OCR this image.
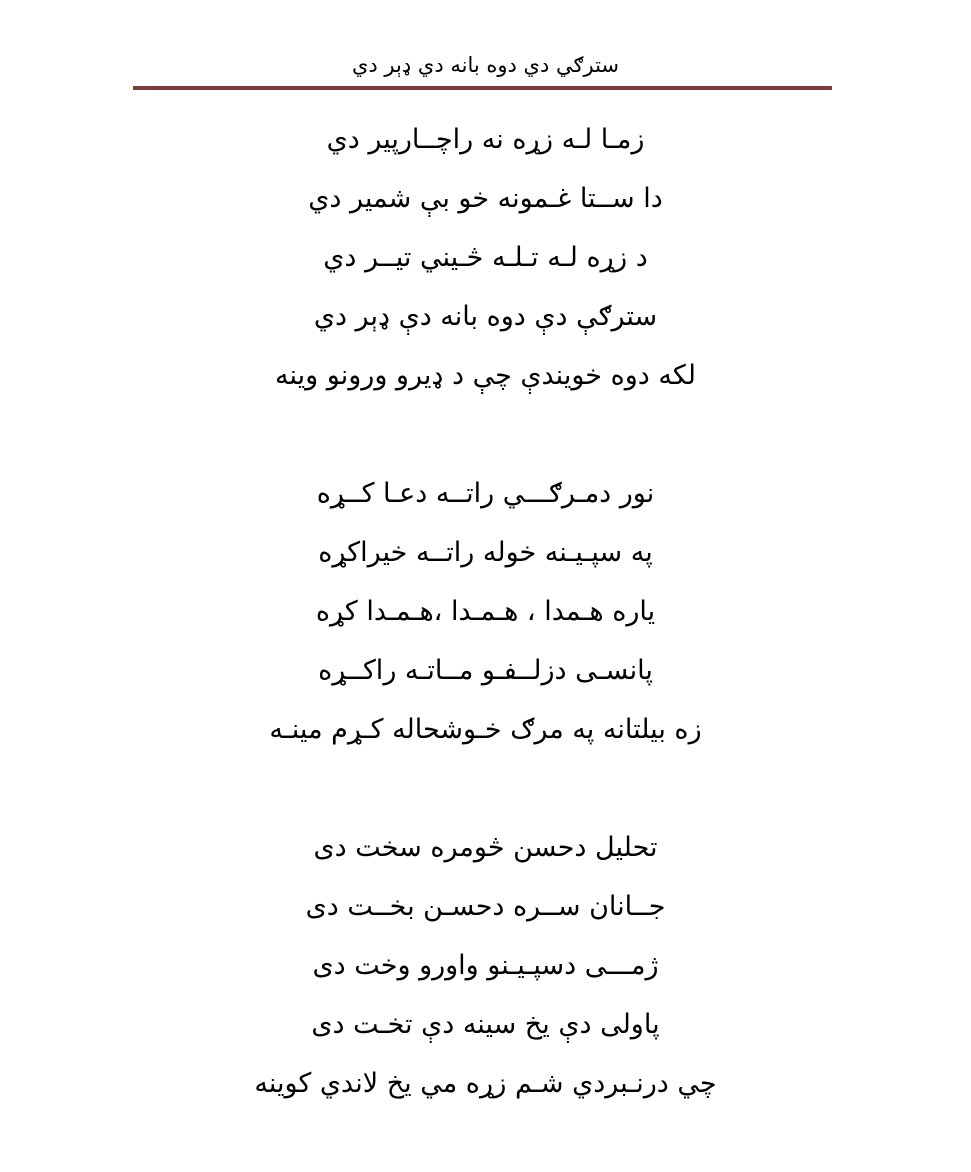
سترګي دي دوه بانه دي ډېر دي
زمـا لـه زړه نه راچــارپیر دي
دا ســتا غـمونه خو بې شمیر دي
د زړه لـه تـلـه څـیني تیــر دي
سترګې دې دوه بانه دې ډېر دي
لکه دوه خویندې چې د ډیرو ورونو وينه
نور دمـرګـــي راتــه دعـا کــړه
په سپـیـنه خوله راتــه خیراکړه
یاره هـمدا ، هـمـدا ،هـمـدا کړه
پانسـی دزلــفـو مــاتـه راکــړه
زه بیلتانه په مرګ خـوشحاله کـړم مینـه
تحليل دحسن څومره سخت دی
جــانان ســره دحسـن بخــت دی
ژمـــی دسپـیـنو واورو وخت دی
پاولی دې يخ سينه دې تخـت دی
چي درنـبردي شـم زړه مي يخ لاندي کوینه
